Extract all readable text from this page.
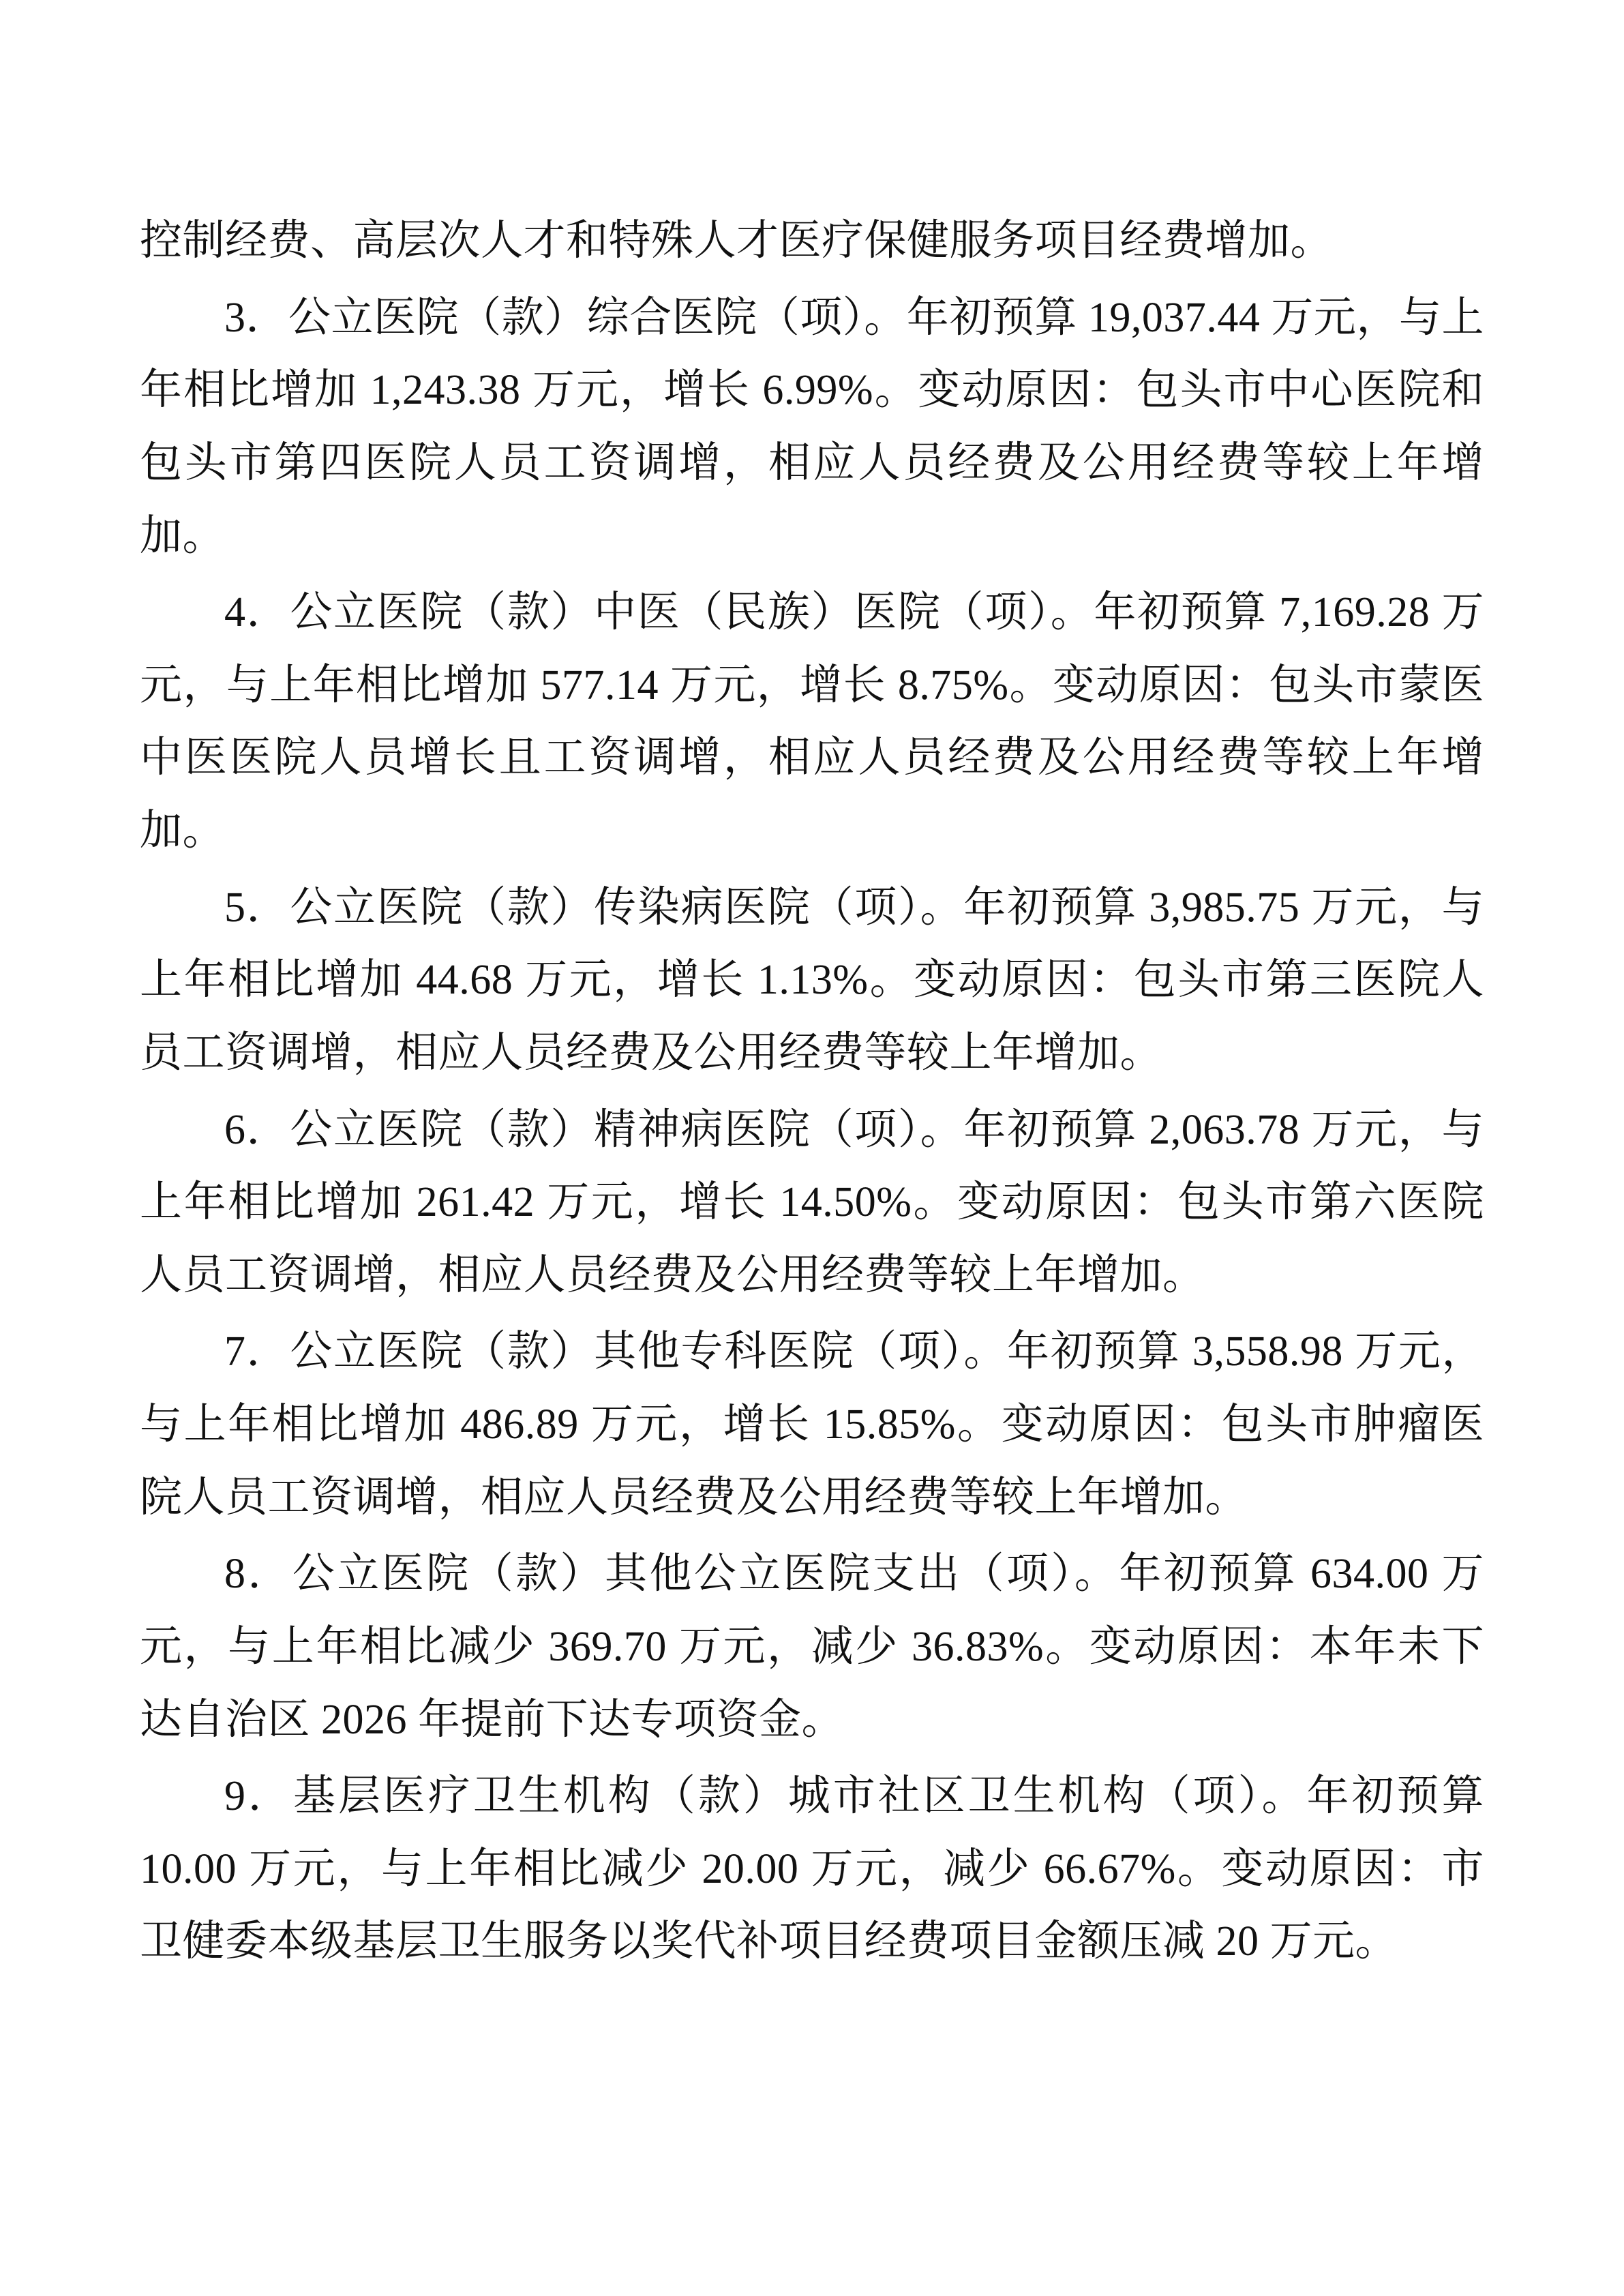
控制经费、高层次人才和特殊人才医疗保健服务项目经费增加。

3．公立医院（款）综合医院（项）。年初预算 19,037.44 万元，与上年相比增加 1,243.38 万元，增长 6.99%。变动原因：包头市中心医院和包头市第四医院人员工资调增，相应人员经费及公用经费等较上年增加。

4．公立医院（款）中医（民族）医院（项）。年初预算 7,169.28 万元，与上年相比增加 577.14 万元，增长 8.75%。变动原因：包头市蒙医中医医院人员增长且工资调增，相应人员经费及公用经费等较上年增加。

5．公立医院（款）传染病医院（项）。年初预算 3,985.75 万元，与上年相比增加 44.68 万元，增长 1.13%。变动原因：包头市第三医院人员工资调增，相应人员经费及公用经费等较上年增加。

6．公立医院（款）精神病医院（项）。年初预算 2,063.78 万元，与上年相比增加 261.42 万元，增长 14.50%。变动原因：包头市第六医院人员工资调增，相应人员经费及公用经费等较上年增加。

7．公立医院（款）其他专科医院（项）。年初预算 3,558.98 万元，与上年相比增加 486.89 万元，增长 15.85%。变动原因：包头市肿瘤医院人员工资调增，相应人员经费及公用经费等较上年增加。

8．公立医院（款）其他公立医院支出（项）。年初预算 634.00 万元，与上年相比减少 369.70 万元，减少 36.83%。变动原因：本年未下达自治区 2026 年提前下达专项资金。

9．基层医疗卫生机构（款）城市社区卫生机构（项）。年初预算 10.00 万元，与上年相比减少 20.00 万元，减少 66.67%。变动原因：市卫健委本级基层卫生服务以奖代补项目经费项目金额压减 20 万元。
